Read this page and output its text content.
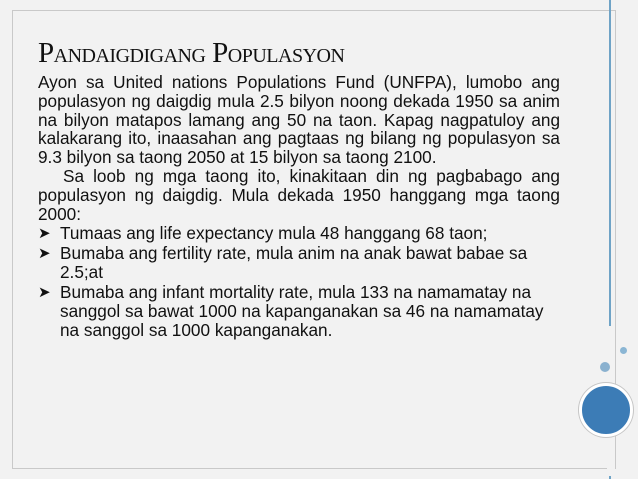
PANDAIGDIGANG POPULASYON

Ayon sa United nations Populations Fund (UNFPA), lumobo ang populasyon ng daigdig mula 2.5 bilyon noong dekada 1950 sa anim na bilyon matapos lamang ang 50 na taon. Kapag nagpatuloy ang kalakarang ito, inaasahan ang pagtaas ng bilang ng populasyon sa 9.3 bilyon sa taong 2050 at 15 bilyon sa taong 2100.

Sa loob ng mga taong ito, kinakitaan din ng pagbabago ang populasyon ng daigdig. Mula dekada 1950 hanggang mga taong 2000:

➤ Tumaas ang life expectancy mula 48 hanggang 68 taon;
➤ Bumaba ang fertility rate, mula anim na anak bawat babae sa 2.5;at
➤ Bumaba ang infant mortality rate, mula 133 na namamatay na sanggol sa bawat 1000 na kapanganakan sa 46 na namamatay na sanggol sa 1000 kapanganakan.
